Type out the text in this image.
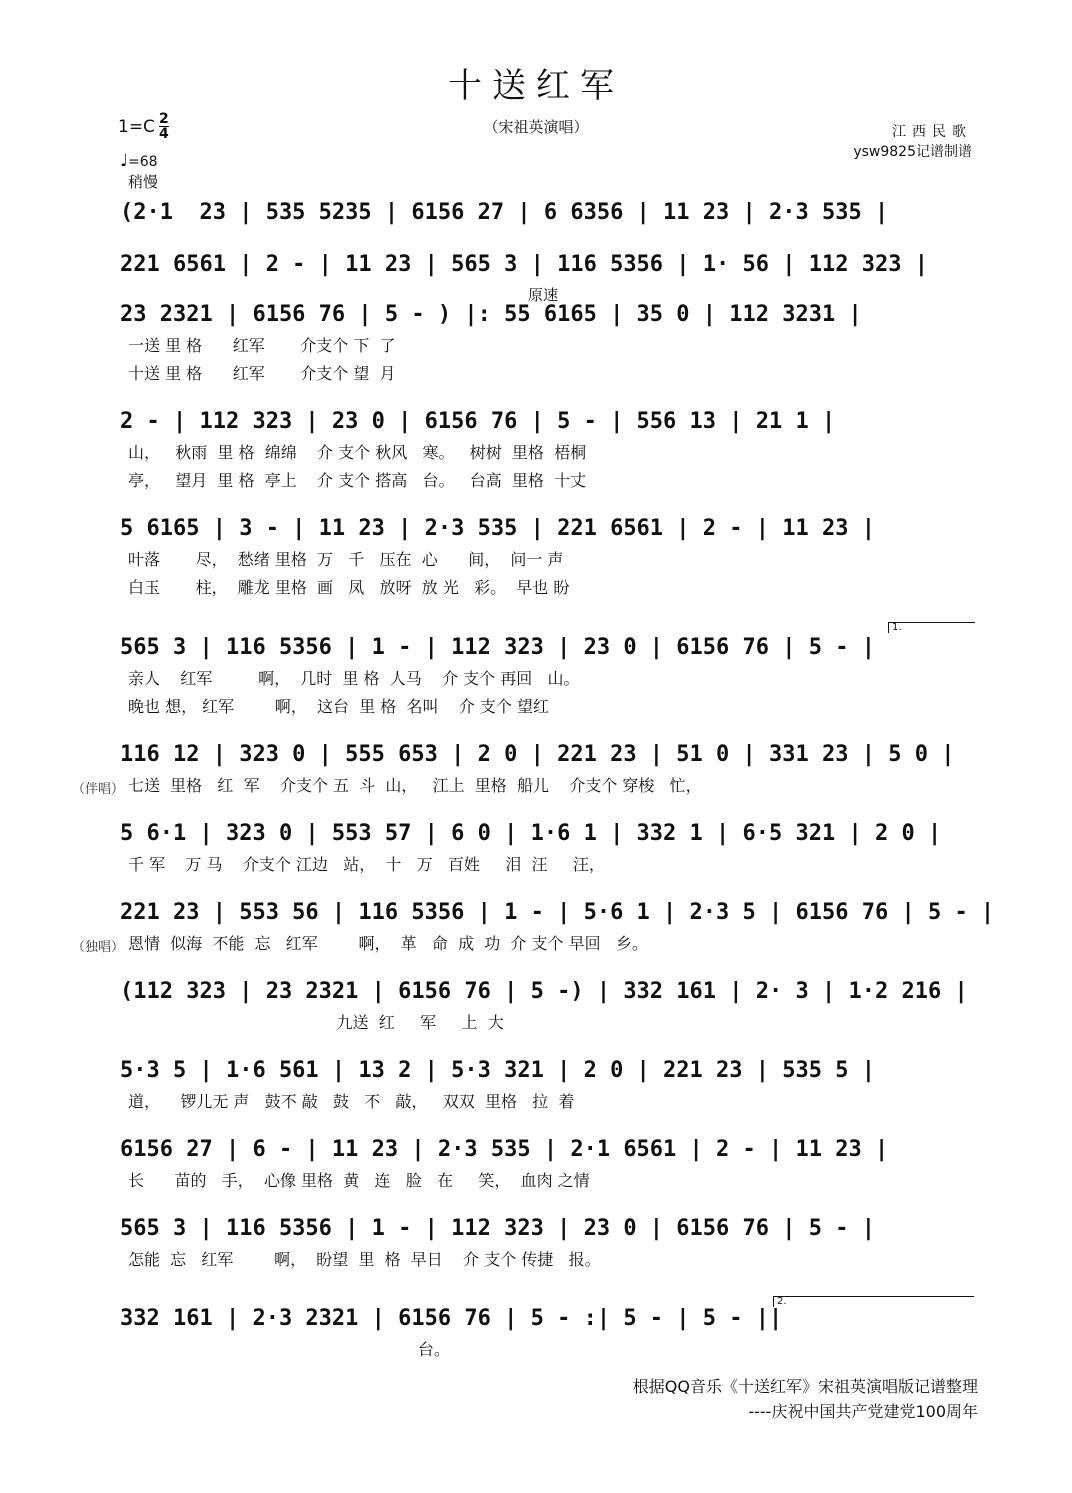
十送红军
（宋祖英演唱）
$1=C \frac{2}{4}$
♩=68
稍慢
江西民歌
ysw9825记谱制谱
(2·1  23 | 535 5235 | 6156 27 | 6 6356 | 11 23 | 2·3 535 |
221 6561 | 2 - | 11 23 | 565 3 | 116 5356 | 1· 56 | 112 323 |
23 2321 | 6156 76 | 5 - ) |: 55 6165 | 35 0 | 112 3231 |
一送 里 格      红军       介支个 下  了
十送 里 格      红军       介支个 望  月
2 - | 112 323 | 23 0 | 6156 76 | 5 - | 556 13 | 21 1 |
山，   秋雨  里 格  绵绵    介 支个 秋风   寒。   树树  里格  梧桐
亭，   望月  里 格  亭上    介 支个 搭高   台。   台高  里格  十丈
5 6165 | 3 - | 11 23 | 2·3 535 | 221 6561 | 2 - | 11 23 |
叶落       尽，  愁绪 里格  万   千   压在  心      间，  问一 声
白玉       柱，  雕龙 里格  画   凤   放呀  放 光   彩。  早也 盼
565 3 | 116 5356 | 1 - | 112 323 | 23 0 | 6156 76 | 5 - |
亲人    红军         啊，  几时  里 格  人马    介 支个 再回   山。
晚也 想， 红军        啊，  这台  里 格  名叫    介 支个 望红
116 12 | 323 0 | 555 653 | 2 0 | 221 23 | 51 0 | 331 23 | 5 0 |
（伴唱） 七送  里格   红  军    介支个 五  斗  山，   江上  里格  船儿    介支个 穿梭   忙，
5 6·1 | 323 0 | 553 57 | 6 0 | 1·6 1 | 332 1 | 6·5 321 | 2 0 |
千 军    万 马    介支个 江边   站，  十   万   百姓     泪  汪     汪，
221 23 | 553 56 | 116 5356 | 1 - | 5·6 1 | 2·3 5 | 6156 76 | 5 - |
（独唱） 恩情  似海  不能  忘   红军        啊，  革   命  成  功  介 支个 早回   乡。
(112 323 | 23 2321 | 6156 76 | 5 -) | 332 161 | 2· 3 | 1·2 216 |
九送  红     军     上  大
5·3 5 | 1·6 561 | 13 2 | 5·3 321 | 2 0 | 221 23 | 535 5 |
道，    锣儿无 声   鼓不 敲   鼓   不   敲，   双双  里格   拉  着
6156 27 | 6 - | 11 23 | 2·3 535 | 2·1 6561 | 2 - | 11 23 |
长      苗的   手，  心像 里格  黄   连   脸   在     笑，  血肉 之情
565 3 | 116 5356 | 1 - | 112 323 | 23 0 | 6156 76 | 5 - |
怎能  忘   红军        啊，  盼望  里  格  早日    介 支个 传捷   报。
332 161 | 2·3 2321 | 6156 76 | 5 - :| 5 - | 5 - ||
台。
原速
1.
2.
根据QQ音乐《十送红军》宋祖英演唱版记谱整理
----庆祝中国共产党建党100周年
